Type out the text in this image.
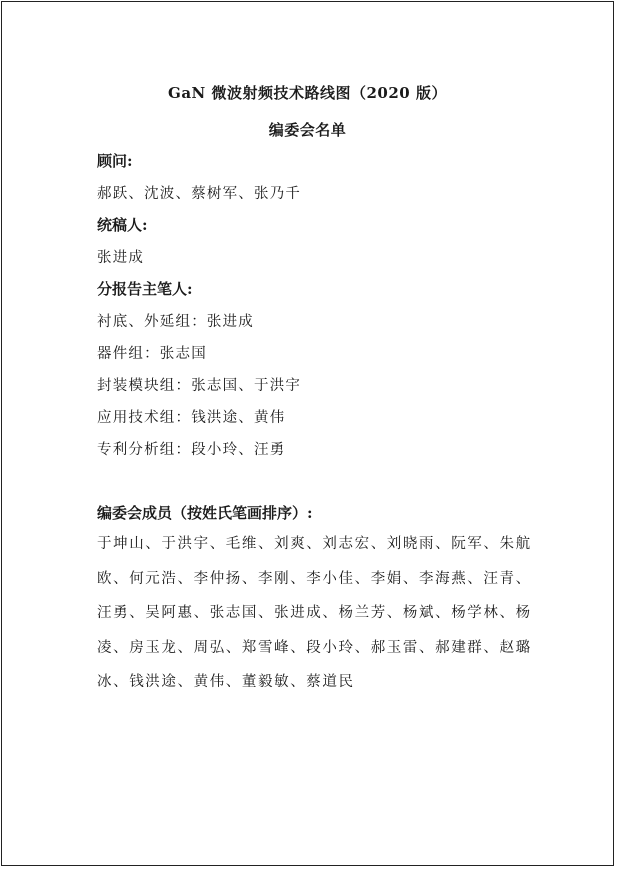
GaN 微波射频技术路线图（2020 版）
编委会名单
顾问:
郝跃、沈波、蔡树军、张乃千
统稿人:
张进成
分报告主笔人:
衬底、外延组：张进成
器件组：张志国
封装模块组：张志国、于洪宇
应用技术组：钱洪途、黄伟
专利分析组：段小玲、汪勇
编委会成员（按姓氏笔画排序）:
于坤山、于洪宇、毛维、刘爽、刘志宏、刘晓雨、阮军、朱航
欧、何元浩、李仲扬、李刚、李小佳、李娟、李海燕、汪青、
汪勇、吴阿惠、张志国、张进成、杨兰芳、杨斌、杨学林、杨
凌、房玉龙、周弘、郑雪峰、段小玲、郝玉雷、郝建群、赵璐
冰、钱洪途、黄伟、董毅敏、蔡道民
